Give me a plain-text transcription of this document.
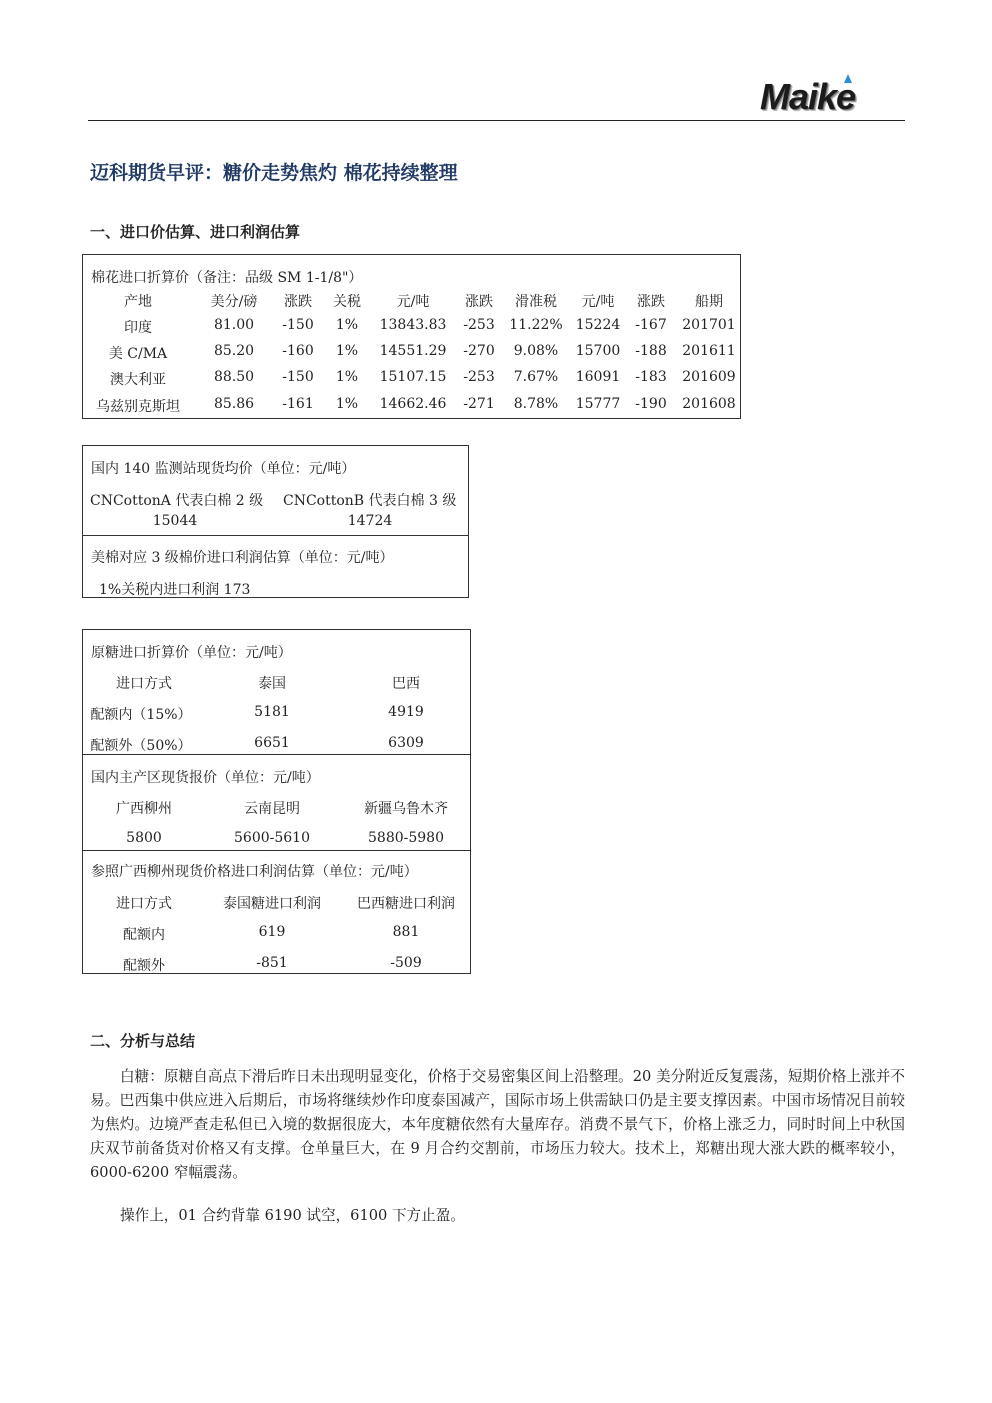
Maike
迈科期货早评：糖价走势焦灼 棉花持续整理
一、进口价估算、进口利润估算
棉花进口折算价（备注：品级 SM 1-1/8"）
产地	美分/磅 涨跌 关税	元/吨	涨跌 滑准税 元/吨 涨跌 船期
印度	81.00 -150 1% 13843.83 -253 11.22% 15224 -167 201701
美 C/MA	85.20 -160 1% 14551.29 -270 9.08% 15700 -188 201611
澳大利亚	88.50 -150 1% 15107.15 -253 7.67% 16091 -183 201609
乌兹别克斯坦 85.86 -161 1% 14662.46 -271 8.78% 15777 -190 201608
国内 140 监测站现货均价（单位：元/吨）
CNCottonA 代表白棉 2 级
15044
CNCottonB 代表白棉 3 级
14724
美棉对应 3 级棉价进口利润估算（单位：元/吨）
1%关税内进口利润 173
原糖进口折算价（单位：元/吨）
进口方式	泰国	巴西
配额内（15%）	5181	4919
配额外（50%）	6651	6309
国内主产区现货报价（单位：元/吨）
广西柳州	云南昆明	新疆乌鲁木齐
5800	5600-5610	5880-5980
参照广西柳州现货价格进口利润估算（单位：元/吨）
进口方式	泰国糖进口利润	巴西糖进口利润
配额内	619	881
配额外	-851	-509
二、分析与总结
白糖：原糖自高点下滑后昨日未出现明显变化，价格于交易密集区间上沿整理。20 美分附近反复震荡，短期价格上涨并不易。巴西集中供应进入后期后，市场将继续炒作印度泰国减产，国际市场上供需缺口仍是主要支撑因素。中国市场情况目前较为焦灼。边境严查走私但已入境的数据很庞大，本年度糖依然有大量库存。消费不景气下，价格上涨乏力，同时时间上中秋国庆双节前备货对价格又有支撑。仓单量巨大，在 9 月合约交割前，市场压力较大。技术上，郑糖出现大涨大跌的概率较小，6000-6200 窄幅震荡。
操作上，01 合约背靠 6190 试空，6100 下方止盈。
